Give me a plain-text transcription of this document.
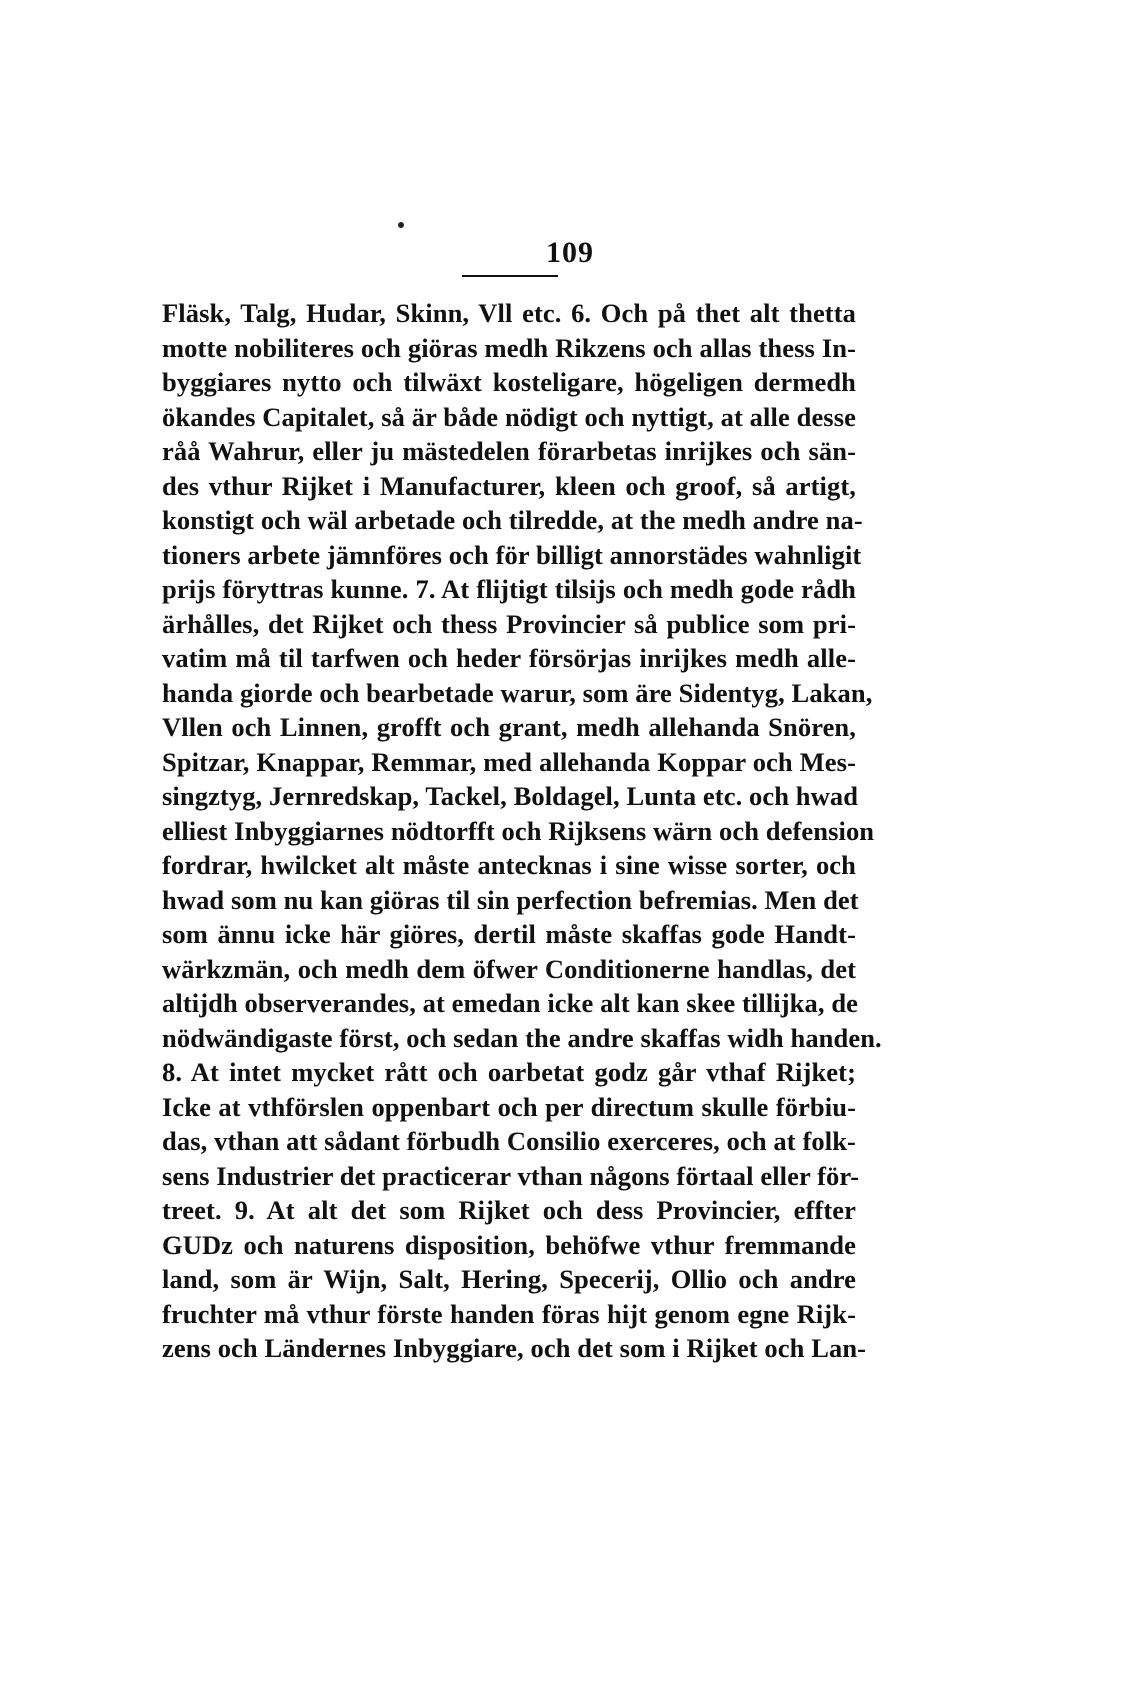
109
Fläsk, Talg, Hudar, Skinn, Vll etc. 6. Och på thet alt thetta
motte nobiliteres och giöras medh Rikzens och allas thess In-
byggiares nytto och tilwäxt kosteligare, högeligen dermedh
ökandes Capitalet, så är både nödigt och nyttigt, at alle desse
råå Wahrur, eller ju mästedelen förarbetas inrijkes och sän-
des vthur Rijket i Manufacturer, kleen och groof, så artigt,
konstigt och wäl arbetade och tilredde, at the medh andre na-
tioners arbete jämnföres och för billigt annorstädes wahnligit
prijs föryttras kunne. 7. At flijtigt tilsijs och medh gode rådh
ärhålles, det Rijket och thess Provincier så publice som pri-
vatim må til tarfwen och heder försörjas inrijkes medh alle-
handa giorde och bearbetade warur, som äre Sidentyg, Lakan,
Vllen och Linnen, grofft och grant, medh allehanda Snören,
Spitzar, Knappar, Remmar, med allehanda Koppar och Mes-
singztyg, Jernredskap, Tackel, Boldagel, Lunta etc. och hwad
elliest Inbyggiarnes nödtorfft och Rijksens wärn och defension
fordrar, hwilcket alt måste antecknas i sine wisse sorter, och
hwad som nu kan giöras til sin perfection befremias. Men det
som ännu icke här giöres, dertil måste skaffas gode Handt-
wärkzmän, och medh dem öfwer Conditionerne handlas, det
altijdh observerandes, at emedan icke alt kan skee tillijka, de
nödwändigaste först, och sedan the andre skaffas widh handen.
8. At intet mycket rått och oarbetat godz går vthaf Rijket;
Icke at vthförslen oppenbart och per directum skulle förbiu-
das, vthan att sådant förbudh Consilio exerceres, och at folk-
sens Industrier det practicerar vthan någons förtaal eller för-
treet. 9. At alt det som Rijket och dess Provincier, effter
GUDz och naturens disposition, behöfwe vthur fremmande
land, som är Wijn, Salt, Hering, Specerij, Ollio och andre
fruchter må vthur förste handen föras hijt genom egne Rijk-
zens och Ländernes Inbyggiare, och det som i Rijket och Lan-
